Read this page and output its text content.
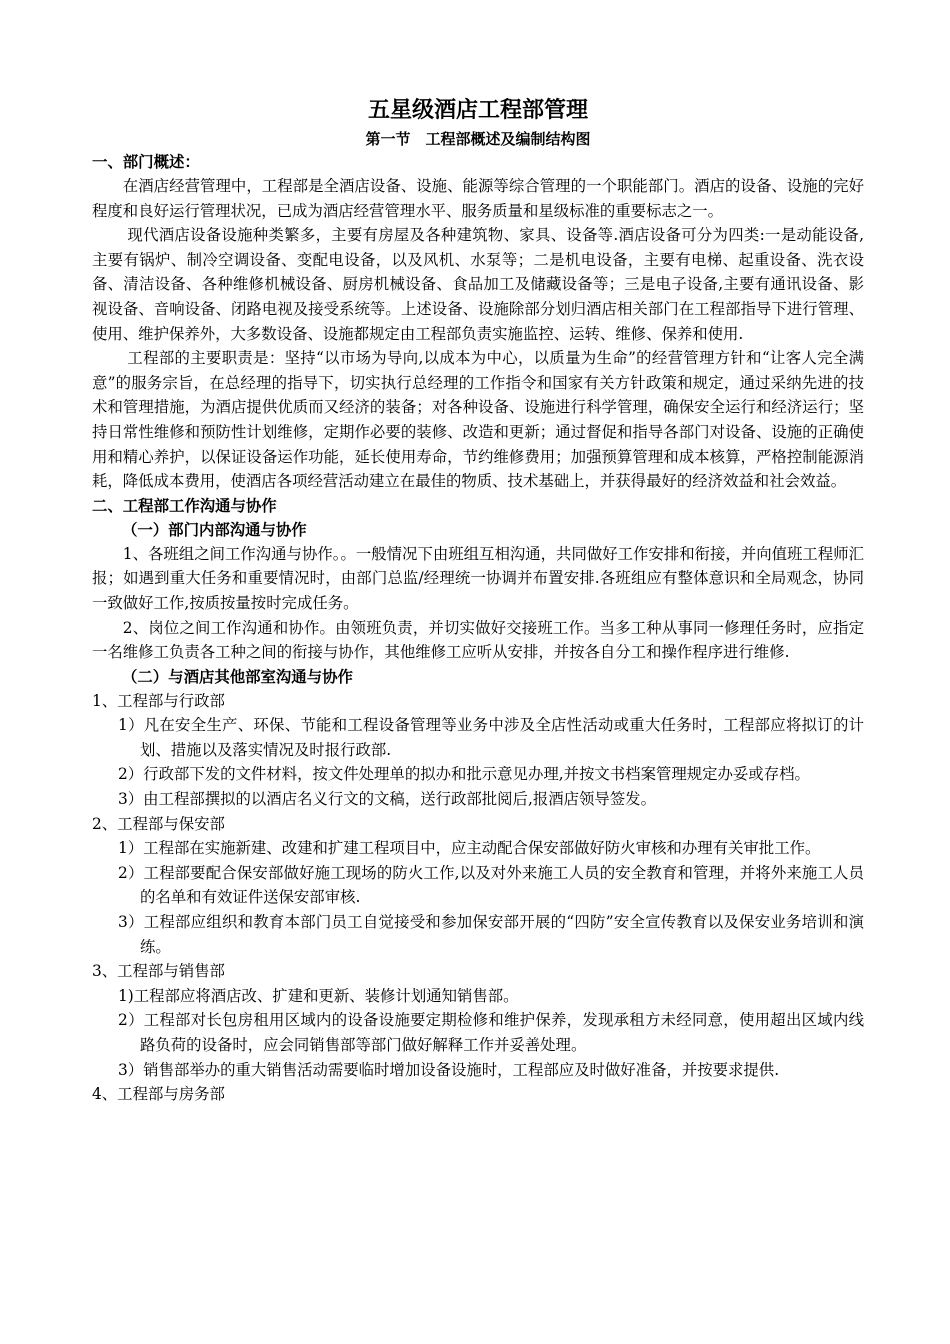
五星级酒店工程部管理
第一节　工程部概述及编制结构图
一、部门概述：

在酒店经营管理中，工程部是全酒店设备、设施、能源等综合管理的一个职能部门。酒店的设备、设施的完好程度和良好运行管理状况，已成为酒店经营管理水平、服务质量和星级标准的重要标志之一。

现代酒店设备设施种类繁多，主要有房屋及各种建筑物、家具、设备等.酒店设备可分为四类:一是动能设备,主要有锅炉、制冷空调设备、变配电设备，以及风机、水泵等；二是机电设备，主要有电梯、起重设备、洗衣设备、清洁设备、各种维修机械设备、厨房机械设备、食品加工及储藏设备等；三是电子设备,主要有通讯设备、影视设备、音响设备、闭路电视及接受系统等。上述设备、设施除部分划归酒店相关部门在工程部指导下进行管理、使用、维护保养外，大多数设备、设施都规定由工程部负责实施监控、运转、维修、保养和使用.

工程部的主要职责是：坚持“以市场为导向,以成本为中心，以质量为生命”的经营管理方针和“让客人完全满意”的服务宗旨，在总经理的指导下，切实执行总经理的工作指令和国家有关方针政策和规定，通过采纳先进的技术和管理措施，为酒店提供优质而又经济的装备；对各种设备、设施进行科学管理，确保安全运行和经济运行；坚持日常性维修和预防性计划维修，定期作必要的装修、改造和更新；通过督促和指导各部门对设备、设施的正确使用和精心养护，以保证设备运作功能，延长使用寿命，节约维修费用；加强预算管理和成本核算，严格控制能源消耗，降低成本费用，使酒店各项经营活动建立在最佳的物质、技术基础上，并获得最好的经济效益和社会效益。

二、工程部工作沟通与协作
（一）部门内部沟通与协作

1、各班组之间工作沟通与协作。。一般情况下由班组互相沟通，共同做好工作安排和衔接，并向值班工程师汇报；如遇到重大任务和重要情况时，由部门总监/经理统一协调并布置安排.各班组应有整体意识和全局观念，协同一致做好工作,按质按量按时完成任务。

2、岗位之间工作沟通和协作。由领班负责，并切实做好交接班工作。当多工种从事同一修理任务时，应指定一名维修工负责各工种之间的衔接与协作，其他维修工应听从安排，并按各自分工和操作程序进行维修.

（二）与酒店其他部室沟通与协作
1、工程部与行政部
1）凡在安全生产、环保、节能和工程设备管理等业务中涉及全店性活动或重大任务时，工程部应将拟订的计划、措施以及落实情况及时报行政部.
2）行政部下发的文件材料，按文件处理单的拟办和批示意见办理,并按文书档案管理规定办妥或存档。
3）由工程部撰拟的以酒店名义行文的文稿，送行政部批阅后,报酒店领导签发。
2、工程部与保安部
1）工程部在实施新建、改建和扩建工程项目中，应主动配合保安部做好防火审核和办理有关审批工作。
2）工程部要配合保安部做好施工现场的防火工作,以及对外来施工人员的安全教育和管理，并将外来施工人员的名单和有效证件送保安部审核.
3）工程部应组织和教育本部门员工自觉接受和参加保安部开展的“四防”安全宣传教育以及保安业务培训和演练。
3、工程部与销售部
1)工程部应将酒店改、扩建和更新、装修计划通知销售部。
2）工程部对长包房租用区域内的设备设施要定期检修和维护保养，发现承租方未经同意，使用超出区域内线路负荷的设备时，应会同销售部等部门做好解释工作并妥善处理。
3）销售部举办的重大销售活动需要临时增加设备设施时，工程部应及时做好准备，并按要求提供.
4、工程部与房务部
